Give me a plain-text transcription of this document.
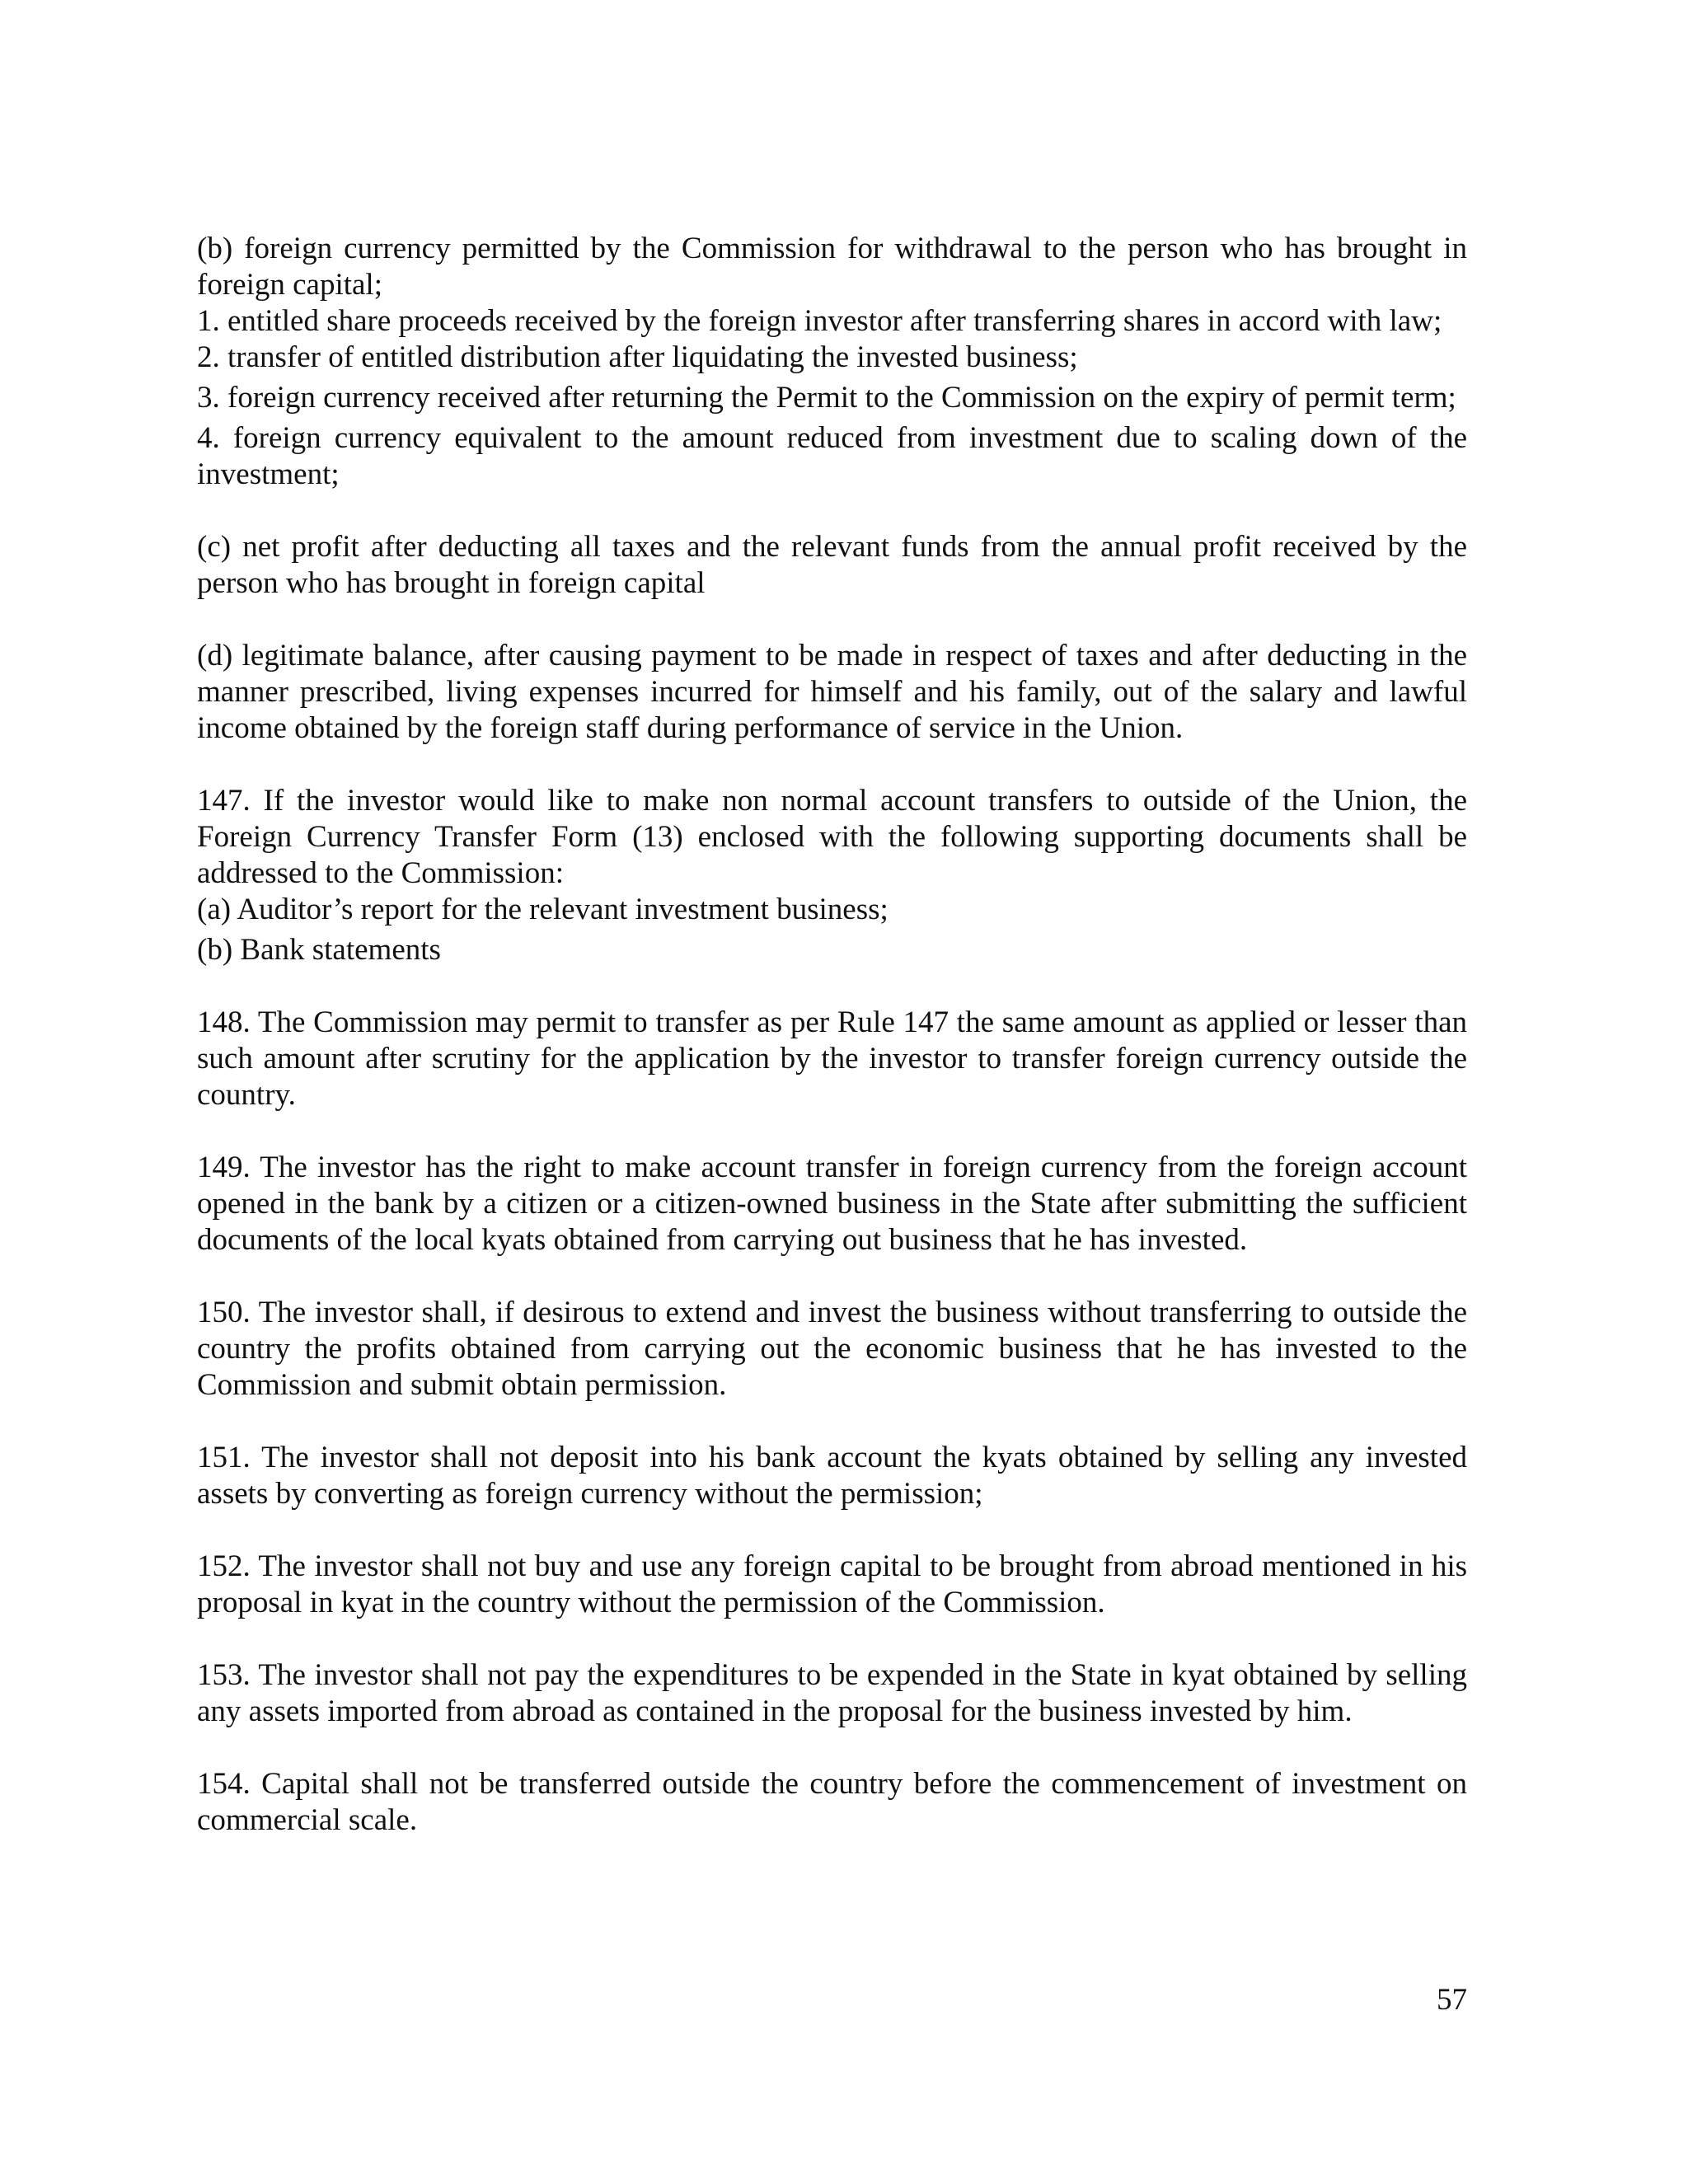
(b) foreign currency permitted by the Commission for withdrawal to the person who has brought in foreign capital;

1. entitled share proceeds received by the foreign investor after transferring shares in accord with law;

2. transfer of entitled distribution after liquidating the invested business;

3. foreign currency received after returning the Permit to the Commission on the expiry of permit term;

4. foreign currency equivalent to the amount reduced from investment due to scaling down of the investment;

(c) net profit after deducting all taxes and the relevant funds from the annual profit received by the person who has brought in foreign capital

(d) legitimate balance, after causing payment to be made in respect of taxes and after deducting in the manner prescribed, living expenses incurred for himself and his family, out of the salary and lawful income obtained by the foreign staff during performance of service in the Union.

147. If the investor would like to make non normal account transfers to outside of the Union, the Foreign Currency Transfer Form (13) enclosed with the following supporting documents shall be addressed to the Commission:

(a) Auditor’s report for the relevant investment business;

(b) Bank statements

148. The Commission may permit to transfer as per Rule 147 the same amount as applied or lesser than such amount after scrutiny for the application by the investor to transfer foreign currency outside the country.

149. The investor has the right to make account transfer in foreign currency from the foreign account opened in the bank by a citizen or a citizen-owned business in the State after submitting the sufficient documents of the local kyats obtained from carrying out business that he has invested.

150. The investor shall, if desirous to extend and invest the business without transferring to outside the country the profits obtained from carrying out the economic business that he has invested to the Commission and submit obtain permission.

151. The investor shall not deposit into his bank account the kyats obtained by selling any invested assets by converting as foreign currency without the permission;

152. The investor shall not buy and use any foreign capital to be brought from abroad mentioned in his proposal in kyat in the country without the permission of the Commission.

153. The investor shall not pay the expenditures to be expended in the State in kyat obtained by selling any assets imported from abroad as contained in the proposal for the business invested by him.

154. Capital shall not be transferred outside the country before the commencement of investment on commercial scale.

57
